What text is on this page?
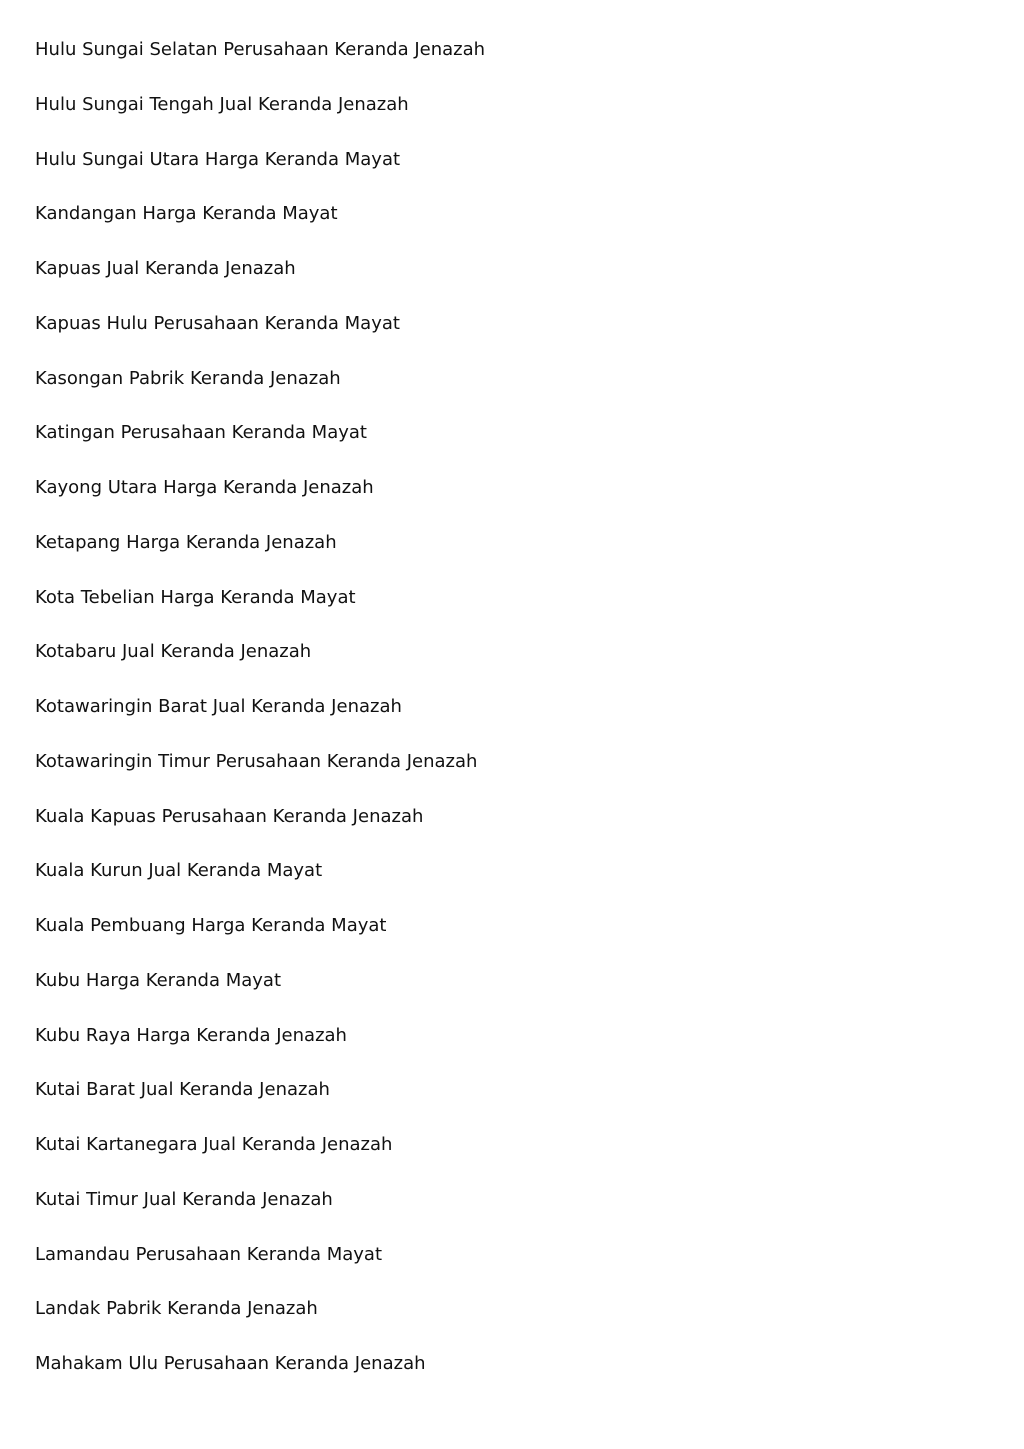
Hulu Sungai Selatan Perusahaan Keranda Jenazah
Hulu Sungai Tengah Jual Keranda Jenazah
Hulu Sungai Utara Harga Keranda Mayat
Kandangan Harga Keranda Mayat
Kapuas Jual Keranda Jenazah
Kapuas Hulu Perusahaan Keranda Mayat
Kasongan Pabrik Keranda Jenazah
Katingan Perusahaan Keranda Mayat
Kayong Utara Harga Keranda Jenazah
Ketapang Harga Keranda Jenazah
Kota Tebelian Harga Keranda Mayat
Kotabaru Jual Keranda Jenazah
Kotawaringin Barat Jual Keranda Jenazah
Kotawaringin Timur Perusahaan Keranda Jenazah
Kuala Kapuas Perusahaan Keranda Jenazah
Kuala Kurun Jual Keranda Mayat
Kuala Pembuang Harga Keranda Mayat
Kubu Harga Keranda Mayat
Kubu Raya Harga Keranda Jenazah
Kutai Barat Jual Keranda Jenazah
Kutai Kartanegara Jual Keranda Jenazah
Kutai Timur Jual Keranda Jenazah
Lamandau Perusahaan Keranda Mayat
Landak Pabrik Keranda Jenazah
Mahakam Ulu Perusahaan Keranda Jenazah
